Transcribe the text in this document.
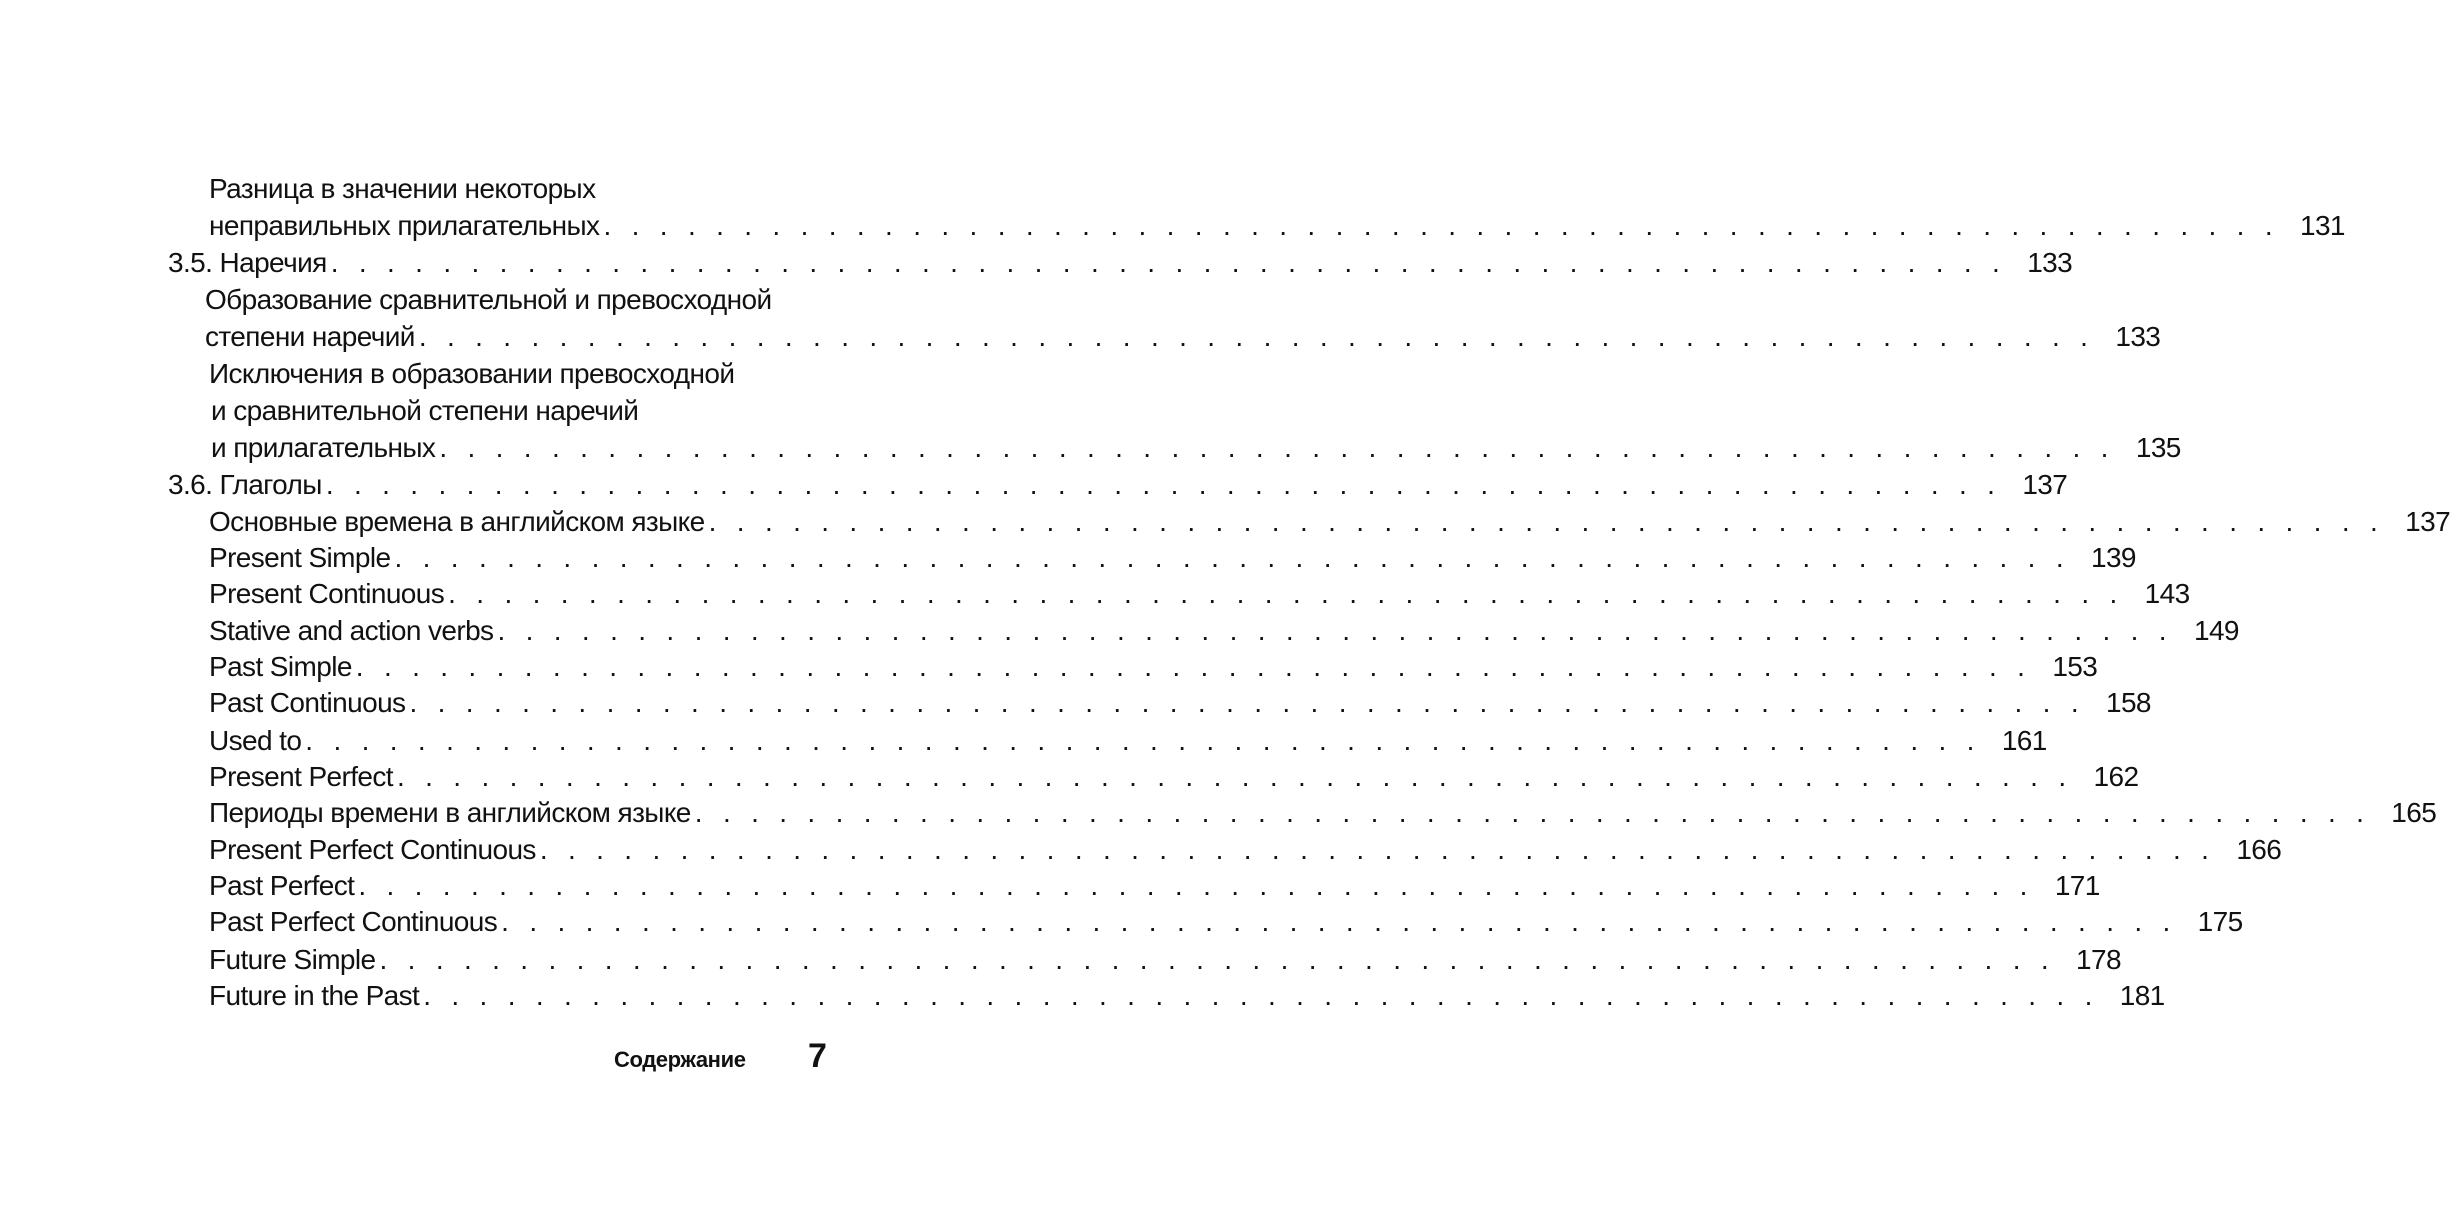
Разница в значении некоторых
неправильных прилагательных . . . . . . . . . . . . . . . . . . . . . . . . . . . . . . . . . . . . . . . . . . . . . . . . . . . . . . . . . . . . 131
3.5. Наречия . . . . . . . . . . . . . . . . . . . . . . . . . . . . . . . . . . . . . . . . . . . . . . . . . . . . . . . . . . . . 133
Образование сравнительной и превосходной
степени наречий . . . . . . . . . . . . . . . . . . . . . . . . . . . . . . . . . . . . . . . . . . . . . . . . . . . . . . . . . . . . 133
Исключения в образовании превосходной
и сравнительной степени наречий
и прилагательных . . . . . . . . . . . . . . . . . . . . . . . . . . . . . . . . . . . . . . . . . . . . . . . . . . . . . . . . . . . . 135
3.6. Глаголы . . . . . . . . . . . . . . . . . . . . . . . . . . . . . . . . . . . . . . . . . . . . . . . . . . . . . . . . . . . . 137
Основные времена в английском языке . . . . . . . . . . . . . . . . . . . . . . . . . . . . . . . . . . . . . . . . . . . . . . . . . . . . . . . . . . . . 137
Present Simple . . . . . . . . . . . . . . . . . . . . . . . . . . . . . . . . . . . . . . . . . . . . . . . . . . . . . . . . . . . . 139
Present Continuous . . . . . . . . . . . . . . . . . . . . . . . . . . . . . . . . . . . . . . . . . . . . . . . . . . . . . . . . . . . . 143
Stative and action verbs . . . . . . . . . . . . . . . . . . . . . . . . . . . . . . . . . . . . . . . . . . . . . . . . . . . . . . . . . . . . 149
Past Simple . . . . . . . . . . . . . . . . . . . . . . . . . . . . . . . . . . . . . . . . . . . . . . . . . . . . . . . . . . . . 153
Past Continuous . . . . . . . . . . . . . . . . . . . . . . . . . . . . . . . . . . . . . . . . . . . . . . . . . . . . . . . . . . . . 158
Used to . . . . . . . . . . . . . . . . . . . . . . . . . . . . . . . . . . . . . . . . . . . . . . . . . . . . . . . . . . . . 161
Present Perfect . . . . . . . . . . . . . . . . . . . . . . . . . . . . . . . . . . . . . . . . . . . . . . . . . . . . . . . . . . . . 162
Периоды времени в английском языке . . . . . . . . . . . . . . . . . . . . . . . . . . . . . . . . . . . . . . . . . . . . . . . . . . . . . . . . . . . . 165
Present Perfect Continuous . . . . . . . . . . . . . . . . . . . . . . . . . . . . . . . . . . . . . . . . . . . . . . . . . . . . . . . . . . . . 166
Past Perfect . . . . . . . . . . . . . . . . . . . . . . . . . . . . . . . . . . . . . . . . . . . . . . . . . . . . . . . . . . . . 171
Past Perfect Continuous . . . . . . . . . . . . . . . . . . . . . . . . . . . . . . . . . . . . . . . . . . . . . . . . . . . . . . . . . . . . 175
Future Simple . . . . . . . . . . . . . . . . . . . . . . . . . . . . . . . . . . . . . . . . . . . . . . . . . . . . . . . . . . . . 178
Future in the Past . . . . . . . . . . . . . . . . . . . . . . . . . . . . . . . . . . . . . . . . . . . . . . . . . . . . . . . . . . . . 181
Содержание 7
